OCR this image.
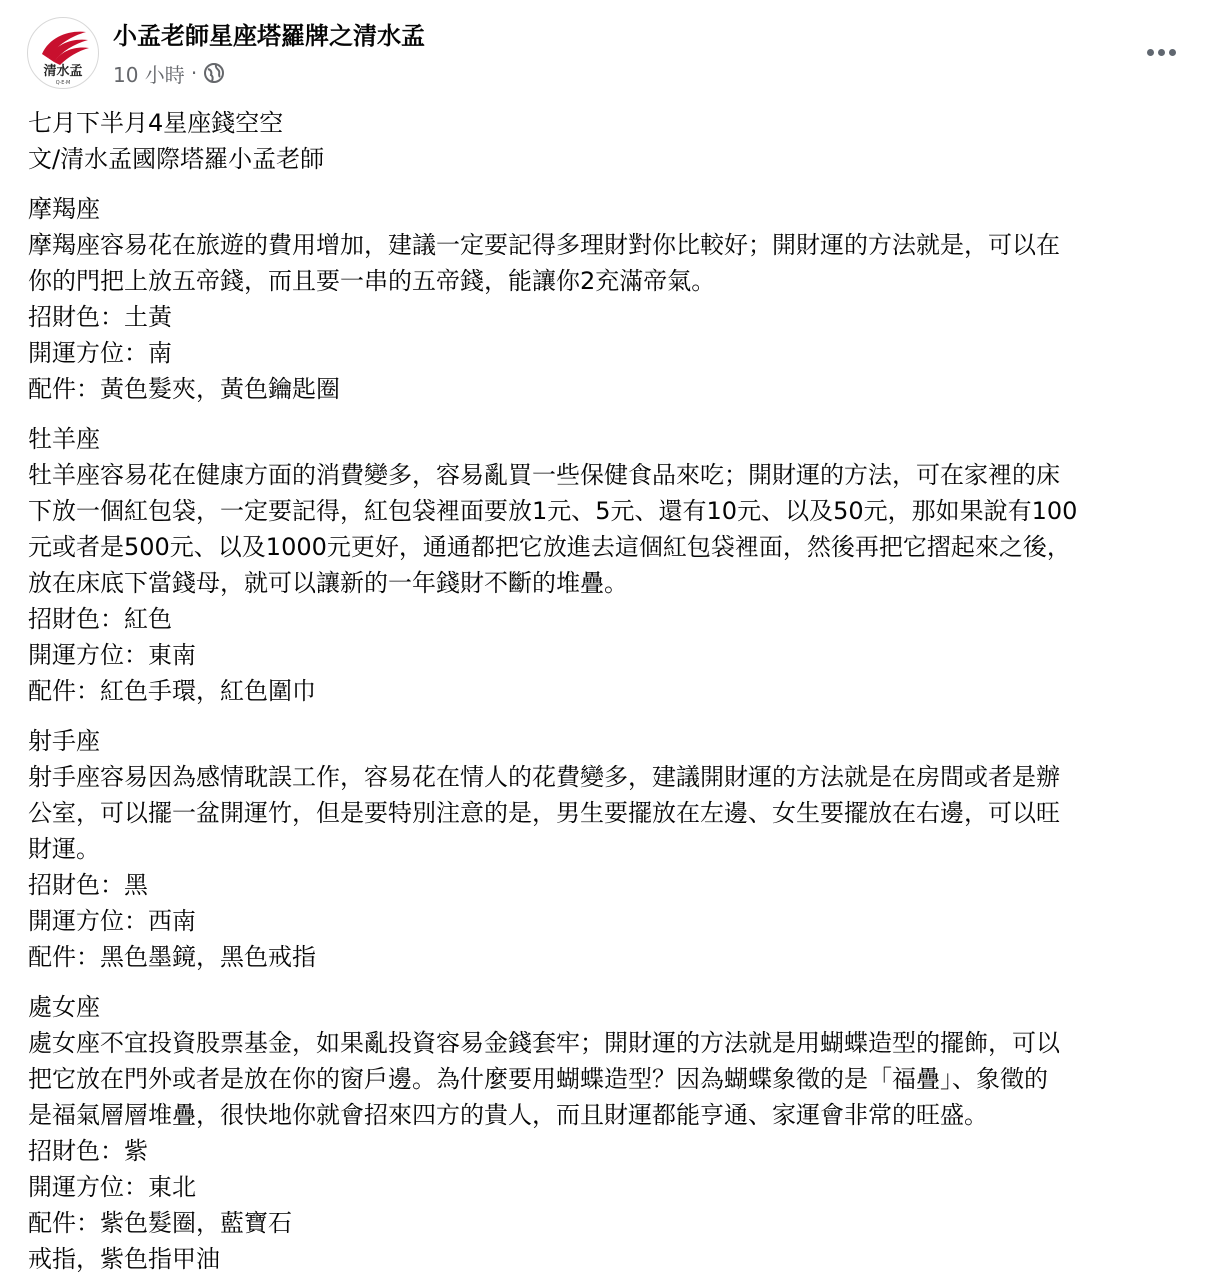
清水孟
Q·E·M
小孟老師星座塔羅牌之清水孟
10 小時 ·
七月下半月4星座錢空空
文/清水孟國際塔羅小孟老師
摩羯座
摩羯座容易花在旅遊的費用增加，建議一定要記得多理財對你比較好；開財運的方法就是，可以在
你的門把上放五帝錢，而且要一串的五帝錢，能讓你2充滿帝氣。
招財色：土黃
開運方位：南
配件：黃色髮夾，黃色鑰匙圈
牡羊座
牡羊座容易花在健康方面的消費變多，容易亂買一些保健食品來吃；開財運的方法，可在家裡的床
下放一個紅包袋，一定要記得，紅包袋裡面要放1元、5元、還有10元、以及50元，那如果說有100
元或者是500元、以及1000元更好，通通都把它放進去這個紅包袋裡面，然後再把它摺起來之後，
放在床底下當錢母，就可以讓新的一年錢財不斷的堆疊。
招財色：紅色
開運方位：東南
配件：紅色手環，紅色圍巾
射手座
射手座容易因為感情耽誤工作，容易花在情人的花費變多，建議開財運的方法就是在房間或者是辦
公室，可以擺一盆開運竹，但是要特別注意的是，男生要擺放在左邊、女生要擺放在右邊，可以旺
財運。
招財色：黑
開運方位：西南
配件：黑色墨鏡，黑色戒指
處女座
處女座不宜投資股票基金，如果亂投資容易金錢套牢；開財運的方法就是用蝴蝶造型的擺飾，可以
把它放在門外或者是放在你的窗戶邊。為什麼要用蝴蝶造型？因為蝴蝶象徵的是「福疊」、象徵的
是福氣層層堆疊，很快地你就會招來四方的貴人，而且財運都能亨通、家運會非常的旺盛。
招財色：紫
開運方位：東北
配件：紫色髮圈，藍寶石
戒指，紫色指甲油
